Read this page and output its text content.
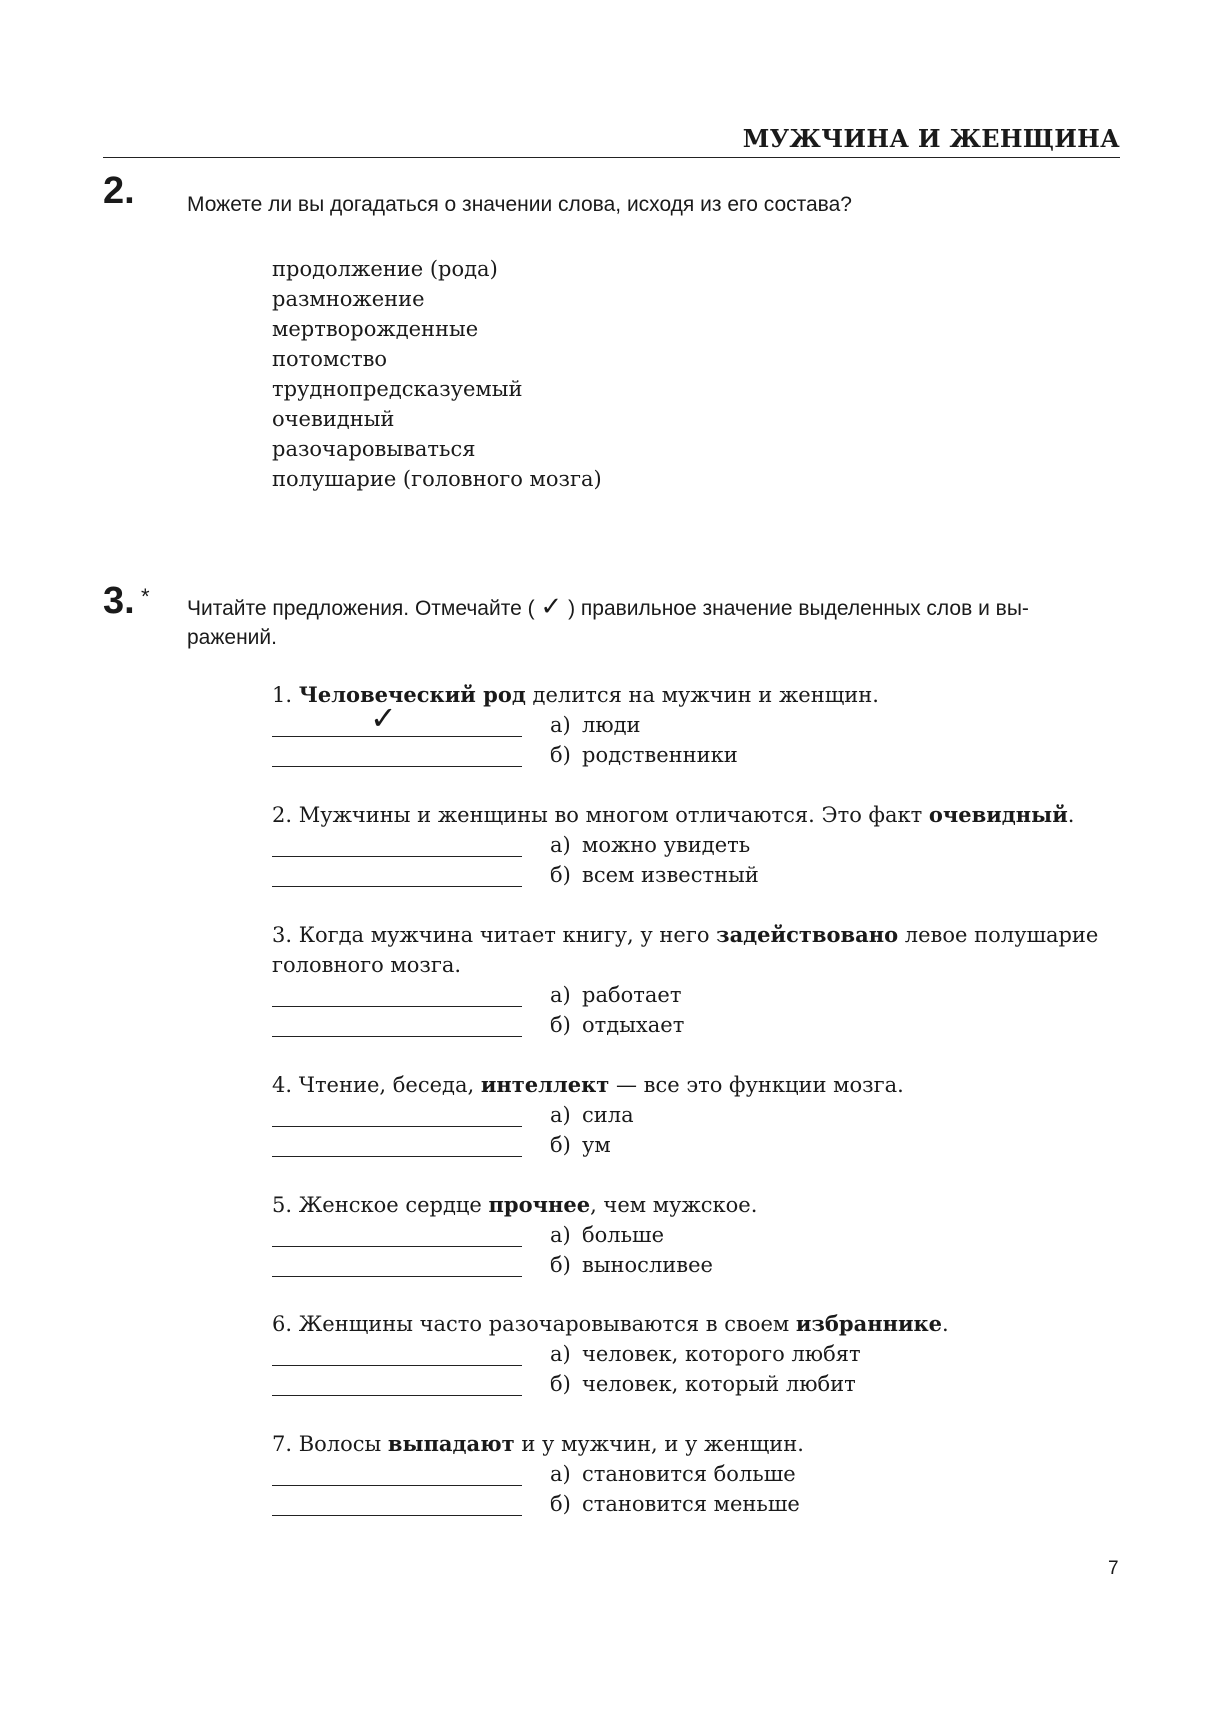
МУЖЧИНА И ЖЕНЩИНА
2. Можете ли вы догадаться о значении слова, исходя из его состава?
продолжение (рода)
размножение
мертворожденные
потомство
труднопредсказуемый
очевидный
разочаровываться
полушарие (головного мозга)
3. * Читайте предложения. Отмечайте ( ✓ ) правильное значение выделенных слов и вы-
ражений.
1. Человеческий род делится на мужчин и женщин.
✓	а) люди
б) родственники
2. Мужчины и женщины во многом отличаются. Это факт очевидный.
а) можно увидеть
б) всем известный
3. Когда мужчина читает книгу, у него задействовано левое полушарие головного мозга.
а) работает
б) отдыхает
4. Чтение, беседа, интеллект — все это функции мозга.
а) сила
б) ум
5. Женское сердце прочнее, чем мужское.
а) больше
б) выносливее
6. Женщины часто разочаровываются в своем избраннике.
а) человек, которого любят
б) человек, который любит
7. Волосы выпадают и у мужчин, и у женщин.
а) становится больше
б) становится меньше
7
